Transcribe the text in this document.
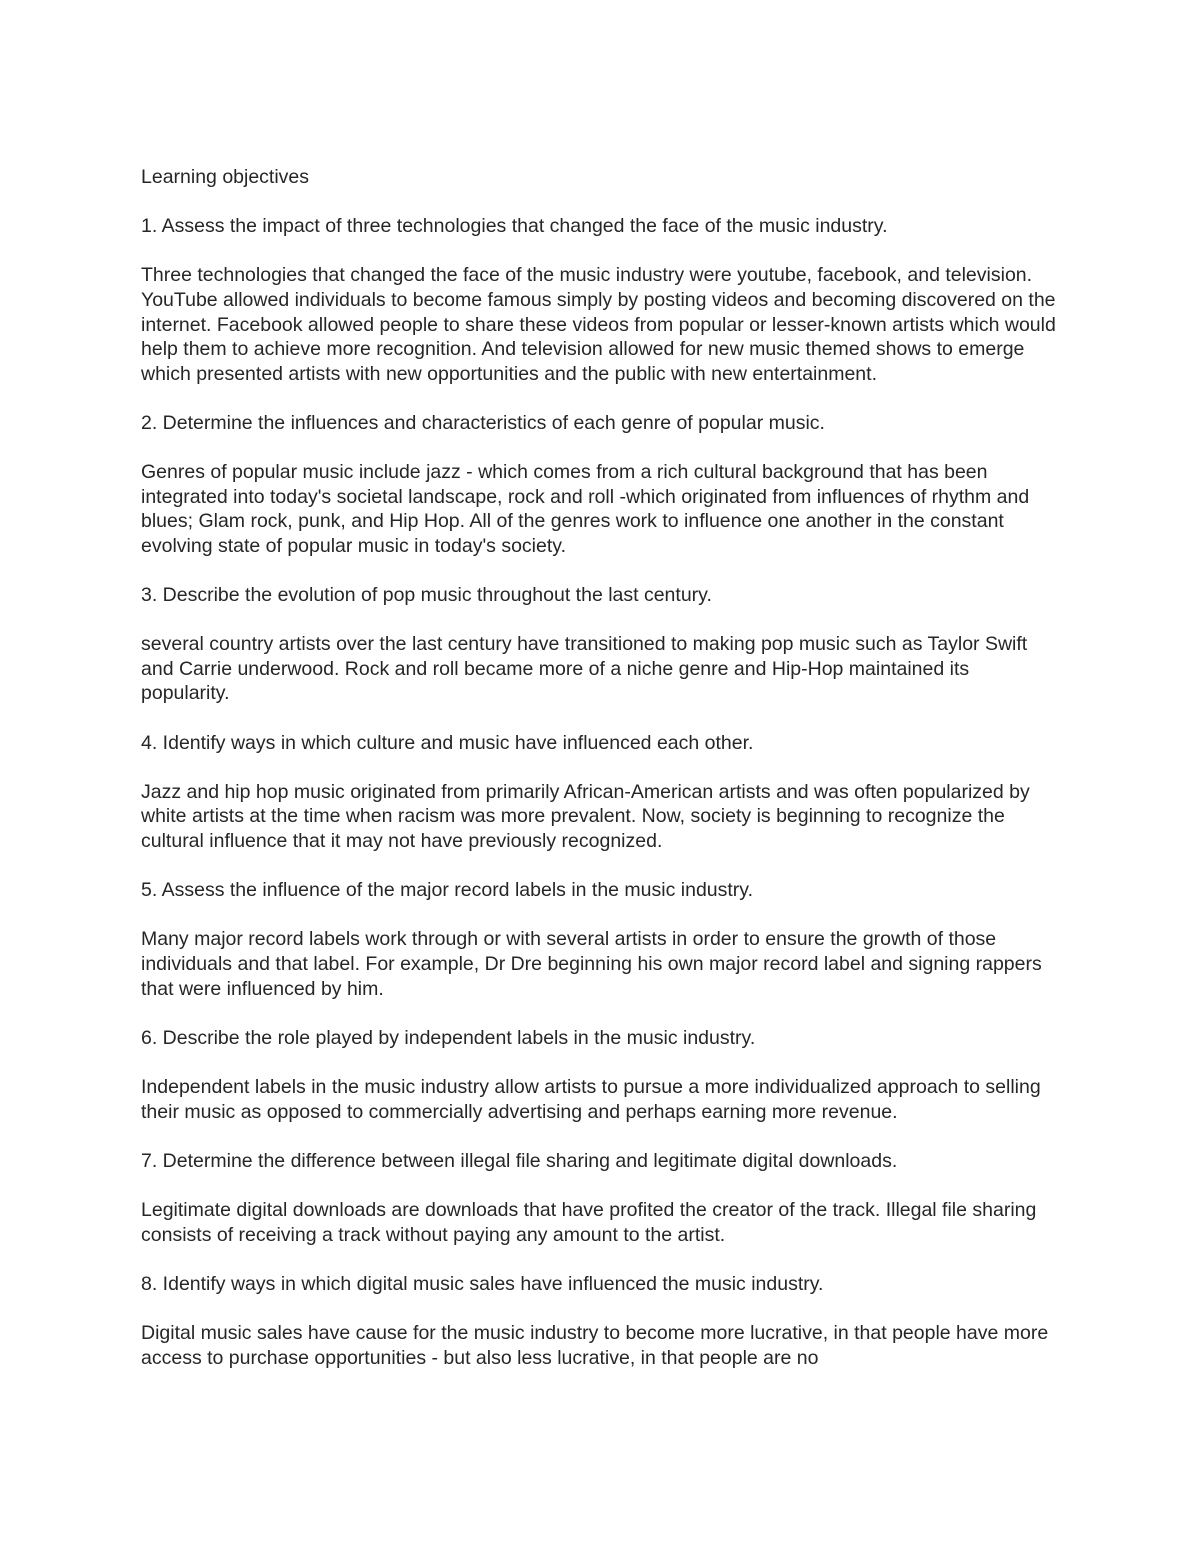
Learning objectives

1. Assess the impact of three technologies that changed the face of the music industry.

Three technologies that changed the face of the music industry were youtube, facebook, and television. YouTube allowed individuals to become famous simply by posting videos and becoming discovered on the internet. Facebook allowed people to share these videos from popular or lesser-known artists which would help them to achieve more recognition. And television allowed for new music themed shows to emerge which presented artists with new opportunities and the public with new entertainment.

2. Determine the influences and characteristics of each genre of popular music.

Genres of popular music include jazz - which comes from a rich cultural background that has been integrated into today's societal landscape, rock and roll -which originated from influences of rhythm and blues; Glam rock, punk, and Hip Hop. All of the genres work to influence one another in the constant evolving state of popular music in today's society.

3. Describe the evolution of pop music throughout the last century.

several country artists over the last century have transitioned to making pop music such as Taylor Swift and Carrie underwood. Rock and roll became more of a niche genre and Hip-Hop maintained its popularity.

4. Identify ways in which culture and music have influenced each other.

Jazz and hip hop music originated from primarily African-American artists and was often popularized by white artists at the time when racism was more prevalent. Now, society is beginning to recognize the cultural influence that it may not have previously recognized.

5. Assess the influence of the major record labels in the music industry.

Many major record labels work through or with several artists in order to ensure the growth of those individuals and that label. For example, Dr Dre beginning his own major record label and signing rappers that were influenced by him.

6. Describe the role played by independent labels in the music industry.

Independent labels in the music industry allow artists to pursue a more individualized approach to selling their music as opposed to commercially advertising and perhaps earning more revenue.

7. Determine the difference between illegal file sharing and legitimate digital downloads.

Legitimate digital downloads are downloads that have profited the creator of the track. Illegal file sharing consists of receiving a track without paying any amount to the artist.

8. Identify ways in which digital music sales have influenced the music industry.

Digital music sales have cause for the music industry to become more lucrative, in that people have more access to purchase opportunities - but also less lucrative, in that people are no
